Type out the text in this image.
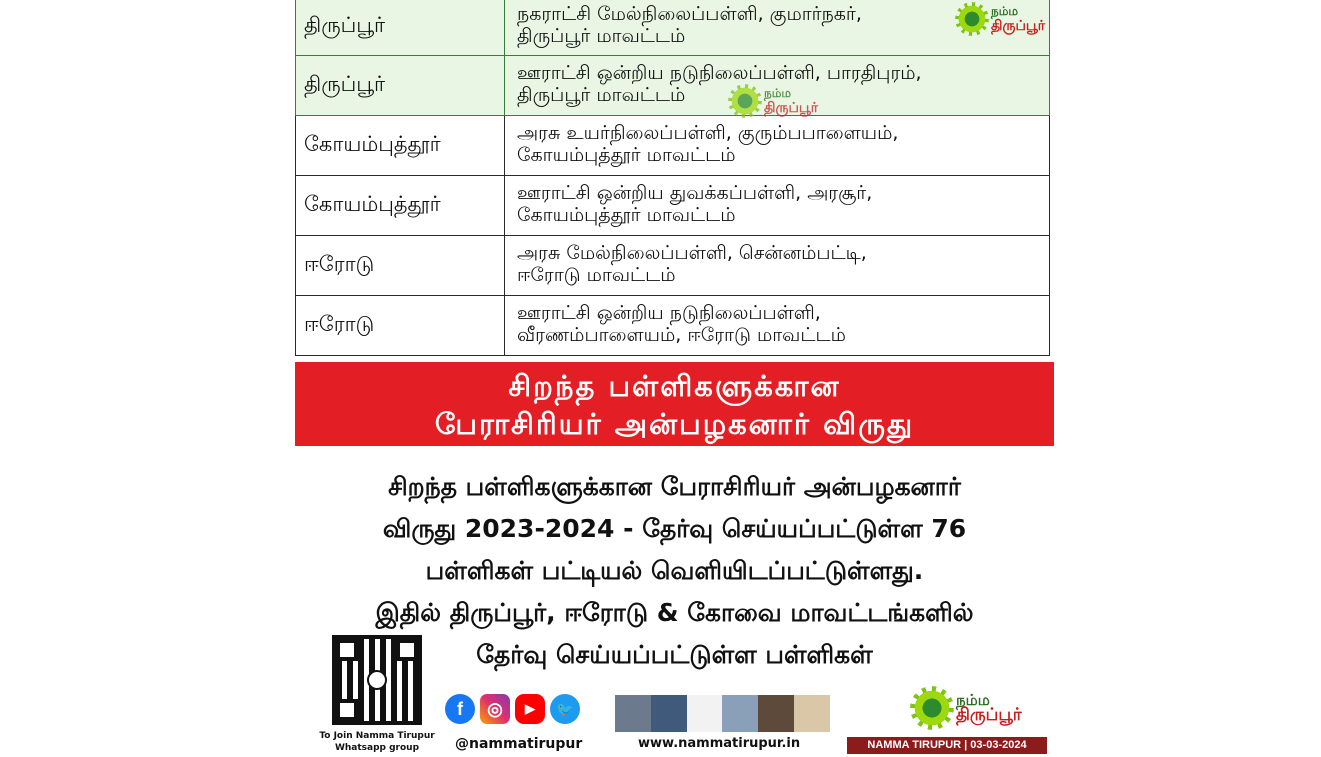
திருப்பூர்	நகராட்சி மேல்நிலைப்பள்ளி, குமார்நகர்,
திருப்பூர் மாவட்டம்
திருப்பூர்	ஊராட்சி ஒன்றிய நடுநிலைப்பள்ளி, பாரதிபுரம்,
திருப்பூர் மாவட்டம்
கோயம்புத்தூர்	அரசு உயர்நிலைப்பள்ளி, குரும்பபாளையம்,
கோயம்புத்தூர் மாவட்டம்
கோயம்புத்தூர்	ஊராட்சி ஒன்றிய துவக்கப்பள்ளி, அரசூர்,
கோயம்புத்தூர் மாவட்டம்
ஈரோடு	அரசு மேல்நிலைப்பள்ளி, சென்னம்பட்டி,
ஈரோடு மாவட்டம்
ஈரோடு	ஊராட்சி ஒன்றிய நடுநிலைப்பள்ளி,
வீரணம்பாளையம், ஈரோடு மாவட்டம்
நம்ம
திருப்பூர்
நம்ம
திருப்பூர்
சிறந்த பள்ளிகளுக்கான
பேராசிரியர் அன்பழகனார் விருது
சிறந்த பள்ளிகளுக்கான பேராசிரியர் அன்பழகனார்
விருது 2023-2024 - தேர்வு செய்யப்பட்டுள்ள 76
பள்ளிகள் பட்டியல் வெளியிடப்பட்டுள்ளது.
இதில் திருப்பூர், ஈரோடு & கோவை மாவட்டங்களில்
தேர்வு செய்யப்பட்டுள்ள பள்ளிகள்
To Join Namma Tirupur
Whatsapp group
f	◎	▶	🐦
@nammatirupur	www.nammatirupur.in
நம்ம
திருப்பூர்
NAMMA TIRUPUR | 03-03-2024
